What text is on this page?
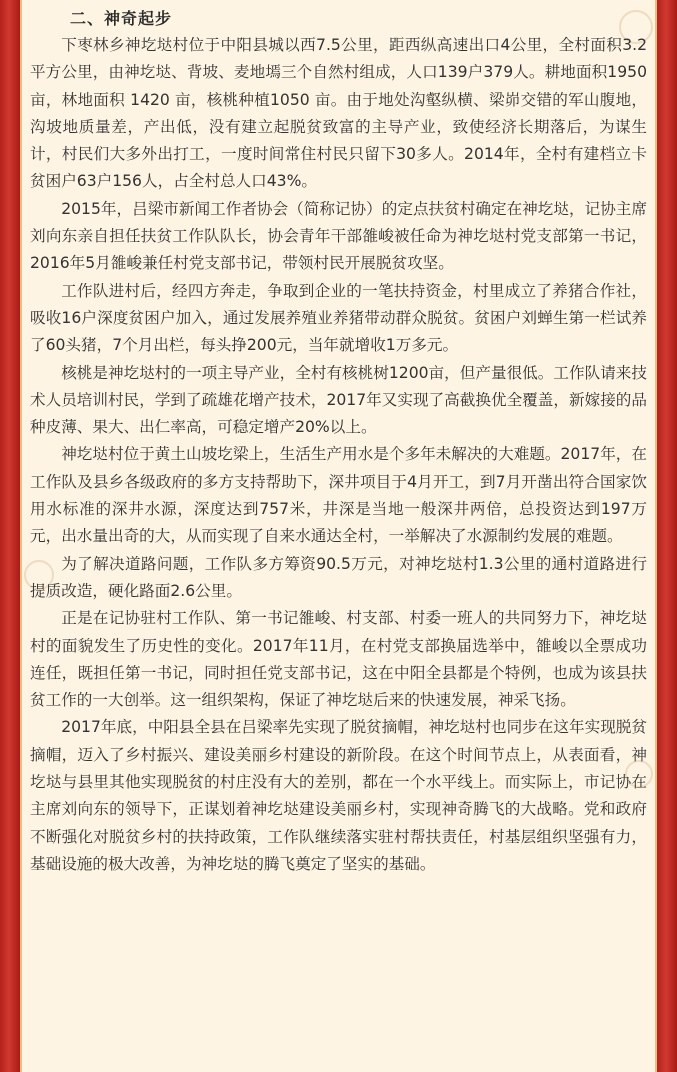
二、神奇起步

下枣林乡神圪垯村位于中阳县城以西7.5公里，距西纵高速出口4公里，全村面积3.2平方公里，由神圪垯、背坡、麦地墕三个自然村组成，人口139户379人。耕地面积1950 亩，林地面积 1420 亩，核桃种植1050 亩。由于地处沟壑纵横、梁峁交错的军山腹地，沟坡地质量差，产出低，没有建立起脱贫致富的主导产业，致使经济长期落后，为谋生计，村民们大多外出打工，一度时间常住村民只留下30多人。2014年，全村有建档立卡贫困户63户156人，占全村总人口43%。

2015年，吕梁市新闻工作者协会（简称记协）的定点扶贫村确定在神圪垯，记协主席刘向东亲自担任扶贫工作队队长，协会青年干部雒峻被任命为神圪垯村党支部第一书记，2016年5月雒峻兼任村党支部书记，带领村民开展脱贫攻坚。

工作队进村后，经四方奔走，争取到企业的一笔扶持资金，村里成立了养猪合作社，吸收16户深度贫困户加入，通过发展养殖业养猪带动群众脱贫。贫困户刘蝉生第一栏试养了60头猪，7个月出栏，每头挣200元，当年就增收1万多元。

核桃是神圪垯村的一项主导产业，全村有核桃树1200亩，但产量很低。工作队请来技术人员培训村民，学到了疏雄花增产技术，2017年又实现了高截换优全覆盖，新嫁接的品种皮薄、果大、出仁率高，可稳定增产20%以上。

神圪垯村位于黄土山坡圪梁上，生活生产用水是个多年未解决的大难题。2017年，在工作队及县乡各级政府的多方支持帮助下，深井项目于4月开工，到7月开凿出符合国家饮用水标准的深井水源，深度达到757米，井深是当地一般深井两倍，总投资达到197万元，出水量出奇的大，从而实现了自来水通达全村，一举解决了水源制约发展的难题。

为了解决道路问题，工作队多方筹资90.5万元，对神圪垯村1.3公里的通村道路进行提质改造，硬化路面2.6公里。

正是在记协驻村工作队、第一书记雒峻、村支部、村委一班人的共同努力下，神圪垯村的面貌发生了历史性的变化。2017年11月，在村党支部换届选举中，雒峻以全票成功连任，既担任第一书记，同时担任党支部书记，这在中阳全县都是个特例，也成为该县扶贫工作的一大创举。这一组织架构，保证了神圪垯后来的快速发展，神采飞扬。

2017年底，中阳县全县在吕梁率先实现了脱贫摘帽，神圪垯村也同步在这年实现脱贫摘帽，迈入了乡村振兴、建设美丽乡村建设的新阶段。在这个时间节点上，从表面看，神圪垯与县里其他实现脱贫的村庄没有大的差别，都在一个水平线上。而实际上，市记协在主席刘向东的领导下，正谋划着神圪垯建设美丽乡村，实现神奇腾飞的大战略。党和政府不断强化对脱贫乡村的扶持政策，工作队继续落实驻村帮扶责任，村基层组织坚强有力，基础设施的极大改善，为神圪垯的腾飞奠定了坚实的基础。
